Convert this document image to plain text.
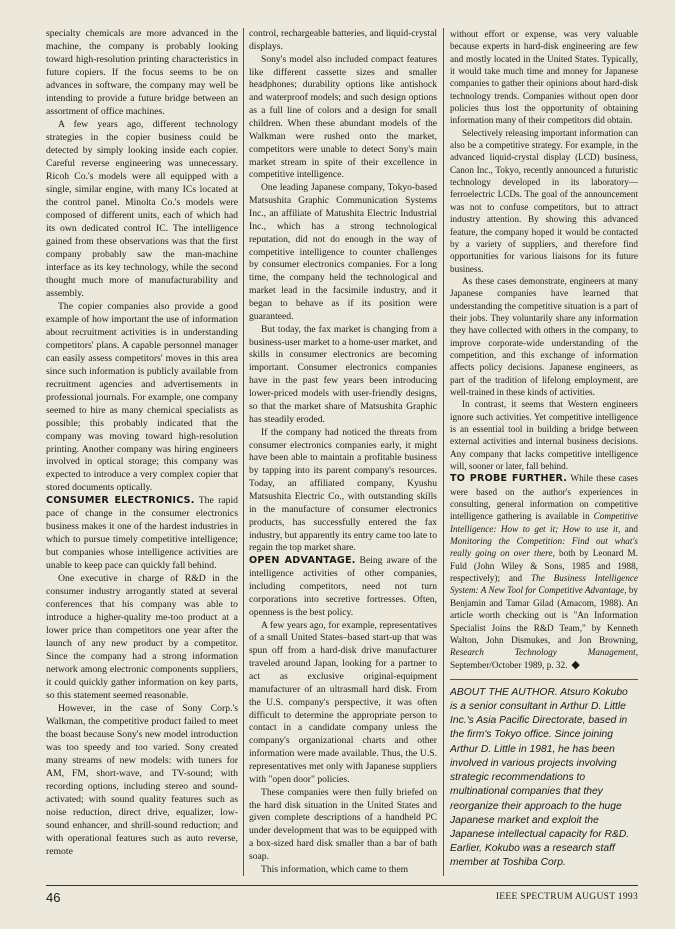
specialty chemicals are more advanced in the machine, the company is probably looking toward high-resolution printing characteristics in future copiers. If the focus seems to be on advances in software, the company may well be intending to provide a future bridge between an assortment of office machines.

A few years ago, different technology strategies in the copier business could be detected by simply looking inside each copier. Careful reverse engineering was unnecessary. Ricoh Co.'s models were all equipped with a single, similar engine, with many ICs located at the control panel. Minolta Co.'s models were composed of different units, each of which had its own dedicated control IC. The intelligence gained from these observations was that the first company probably saw the man-machine interface as its key technology, while the second thought much more of manufacturability and assembly.

The copier companies also provide a good example of how important the use of information about recruitment activities is in understanding competitors' plans. A capable personnel manager can easily assess competitors' moves in this area since such information is publicly available from recruitment agencies and advertisements in professional journals. For example, one company seemed to hire as many chemical specialists as possible; this probably indicated that the company was moving toward high-resolution printing. Another company was hiring engineers involved in optical storage; this company was expected to introduce a very complex copier that stored documents optically.

CONSUMER ELECTRONICS. The rapid pace of change in the consumer electronics business makes it one of the hardest industries in which to pursue timely competitive intelligence; but companies whose intelligence activities are unable to keep pace can quickly fall behind.

One executive in charge of R&D in the consumer industry arrogantly stated at several conferences that his company was able to introduce a higher-quality me-too product at a lower price than competitors one year after the launch of any new product by a competitor. Since the company had a strong information network among electronic components suppliers, it could quickly gather information on key parts, so this statement seemed reasonable.

However, in the case of Sony Corp.'s Walkman, the competitive product failed to meet the boast because Sony's new model introduction was too speedy and too varied. Sony created many streams of new models: with tuners for AM, FM, short-wave, and TV-sound; with recording options, including stereo and sound-activated; with sound quality features such as noise reduction, direct drive, equalizer, low-sound enhancer, and shrill-sound reduction; and with operational features such as auto reverse, remote

control, rechargeable batteries, and liquid-crystal displays.

Sony's model also included compact features like different cassette sizes and smaller headphones; durability options like antishock and waterproof models; and such design options as a full line of colors and a design for small children. When these abundant models of the Walkman were rushed onto the market, competitors were unable to detect Sony's main market stream in spite of their excellence in competitive intelligence.

One leading Japanese company, Tokyo-based Matsushita Graphic Communication Systems Inc., an affiliate of Matushita Electric Industrial Inc., which has a strong technological reputation, did not do enough in the way of competitive intelligence to counter challenges by consumer electronics companies. For a long time, the company held the technological and market lead in the facsimile industry, and it began to behave as if its position were guaranteed.

But today, the fax market is changing from a business-user market to a home-user market, and skills in consumer electronics are becoming important. Consumer electronics companies have in the past few years been introducing lower-priced models with user-friendly designs, so that the market share of Matsushita Graphic has steadily eroded.

If the company had noticed the threats from consumer electronics companies early, it might have been able to maintain a profitable business by tapping into its parent company's resources. Today, an affiliated company, Kyushu Matsushita Electric Co., with outstanding skills in the manufacture of consumer electronics products, has successfully entered the fax industry, but apparently its entry came too late to regain the top market share.

OPEN ADVANTAGE. Being aware of the intelligence activities of other companies, including competitors, need not turn corporations into secretive fortresses. Often, openness is the best policy.

A few years ago, for example, representatives of a small United States–based start-up that was spun off from a hard-disk drive manufacturer traveled around Japan, looking for a partner to act as exclusive original-equipment manufacturer of an ultrasmall hard disk. From the U.S. company's perspective, it was often difficult to determine the appropriate person to contact in a candidate company unless the company's organizational charts and other information were made available. Thus, the U.S. representatives met only with Japanese suppliers with "open door" policies.

These companies were then fully briefed on the hard disk situation in the United States and given complete descriptions of a handheld PC under development that was to be equipped with a box-sized hard disk smaller than a bar of bath soap.

This information, which came to them

without effort or expense, was very valuable because experts in hard-disk engineering are few and mostly located in the United States. Typically, it would take much time and money for Japanese companies to gather their opinions about hard-disk technology trends. Companies without open door policies thus lost the opportunity of obtaining information many of their competitors did obtain.

Selectively releasing important information can also be a competitive strategy. For example, in the advanced liquid-crystal display (LCD) business, Canon Inc., Tokyo, recently announced a futuristic technology developed in its laboratory—ferroelectric LCDs. The goal of the announcement was not to confuse competitors, but to attract industry attention. By showing this advanced feature, the company hoped it would be contacted by a variety of suppliers, and therefore find opportunities for various liaisons for its future business.

As these cases demonstrate, engineers at many Japanese companies have learned that understanding the competitive situation is a part of their jobs. They voluntarily share any information they have collected with others in the company, to improve corporate-wide understanding of the competition, and this exchange of information affects policy decisions. Japanese engineers, as part of the tradition of lifelong employment, are well-trained in these kinds of activities.

In contrast, it seems that Western engineers ignore such activities. Yet competitive intelligence is an essential tool in building a bridge between external activities and internal business decisions. Any company that lacks competitive intelligence will, sooner or later, fall behind.

TO PROBE FURTHER. While these cases were based on the author's experiences in consulting, general information on competitive intelligence gathering is available in Competitive Intelligence: How to get it; How to use it, and Monitoring the Competition: Find out what's really going on over there, both by Leonard M. Fuld (John Wiley & Sons, 1985 and 1988, respectively); and The Business Intelligence System: A New Tool for Competitive Advantage, by Benjamin and Tamar Gilad (Amacom, 1988). An article worth checking out is "An Information Specialist Joins the R&D Team," by Kenneth Walton, John Dismukes, and Jon Browning, Research Technology Management, September/October 1989, p. 32. ◆

ABOUT THE AUTHOR. Atsuro Kokubo is a senior consultant in Arthur D. Little Inc.'s Asia Pacific Directorate, based in the firm's Tokyo office. Since joining Arthur D. Little in 1981, he has been involved in various projects involving strategic recommendations to multinational companies that they reorganize their approach to the huge Japanese market and exploit the Japanese intellectual capacity for R&D. Earlier, Kokubo was a research staff member at Toshiba Corp.
46	IEEE SPECTRUM AUGUST 1993
